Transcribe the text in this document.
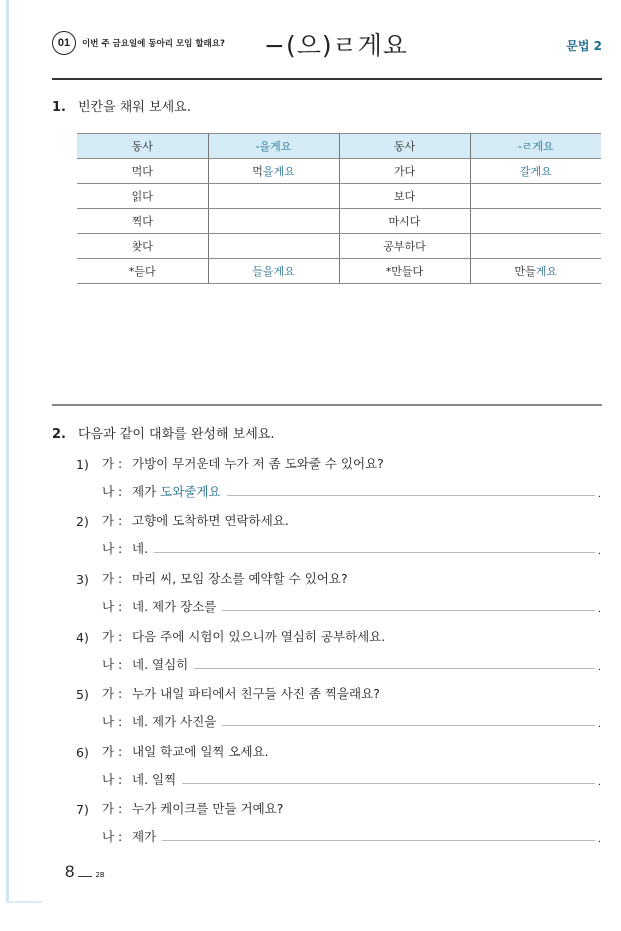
01	이번 주 금요일에 동아리 모임 할래요? −(으)ㄹ게요	문법 2
1. 빈칸을 채워 보세요.
동사	-을게요	동사	-ㄹ게요
먹다	먹을게요	가다	갈게요
읽다		보다	
찍다		마시다	
찾다		공부하다	
*듣다	들을게요	*만들다	만들게요
2. 다음과 같이 대화를 완성해 보세요.
1)	가 : 가방이 무거운데 누가 저 좀 도와줄 수 있어요?
나 : 제가 도와줄게요	.
2)	가 : 고향에 도착하면 연락하세요.
나 : 네.	.
3)	가 : 마리 씨, 모임 장소를 예약할 수 있어요?
나 : 네. 제가 장소를	.
4)	가 : 다음 주에 시험이 있으니까 열심히 공부하세요.
나 : 네. 열심히	.
5)	가 : 누가 내일 파티에서 친구들 사진 좀 찍을래요?
나 : 네. 제가 사진을	.
6)	가 : 내일 학교에 일찍 오세요.
나 : 네. 일찍	.
7)	가 : 누가 케이크를 만들 거예요?
나 : 제가	.
8	2B
